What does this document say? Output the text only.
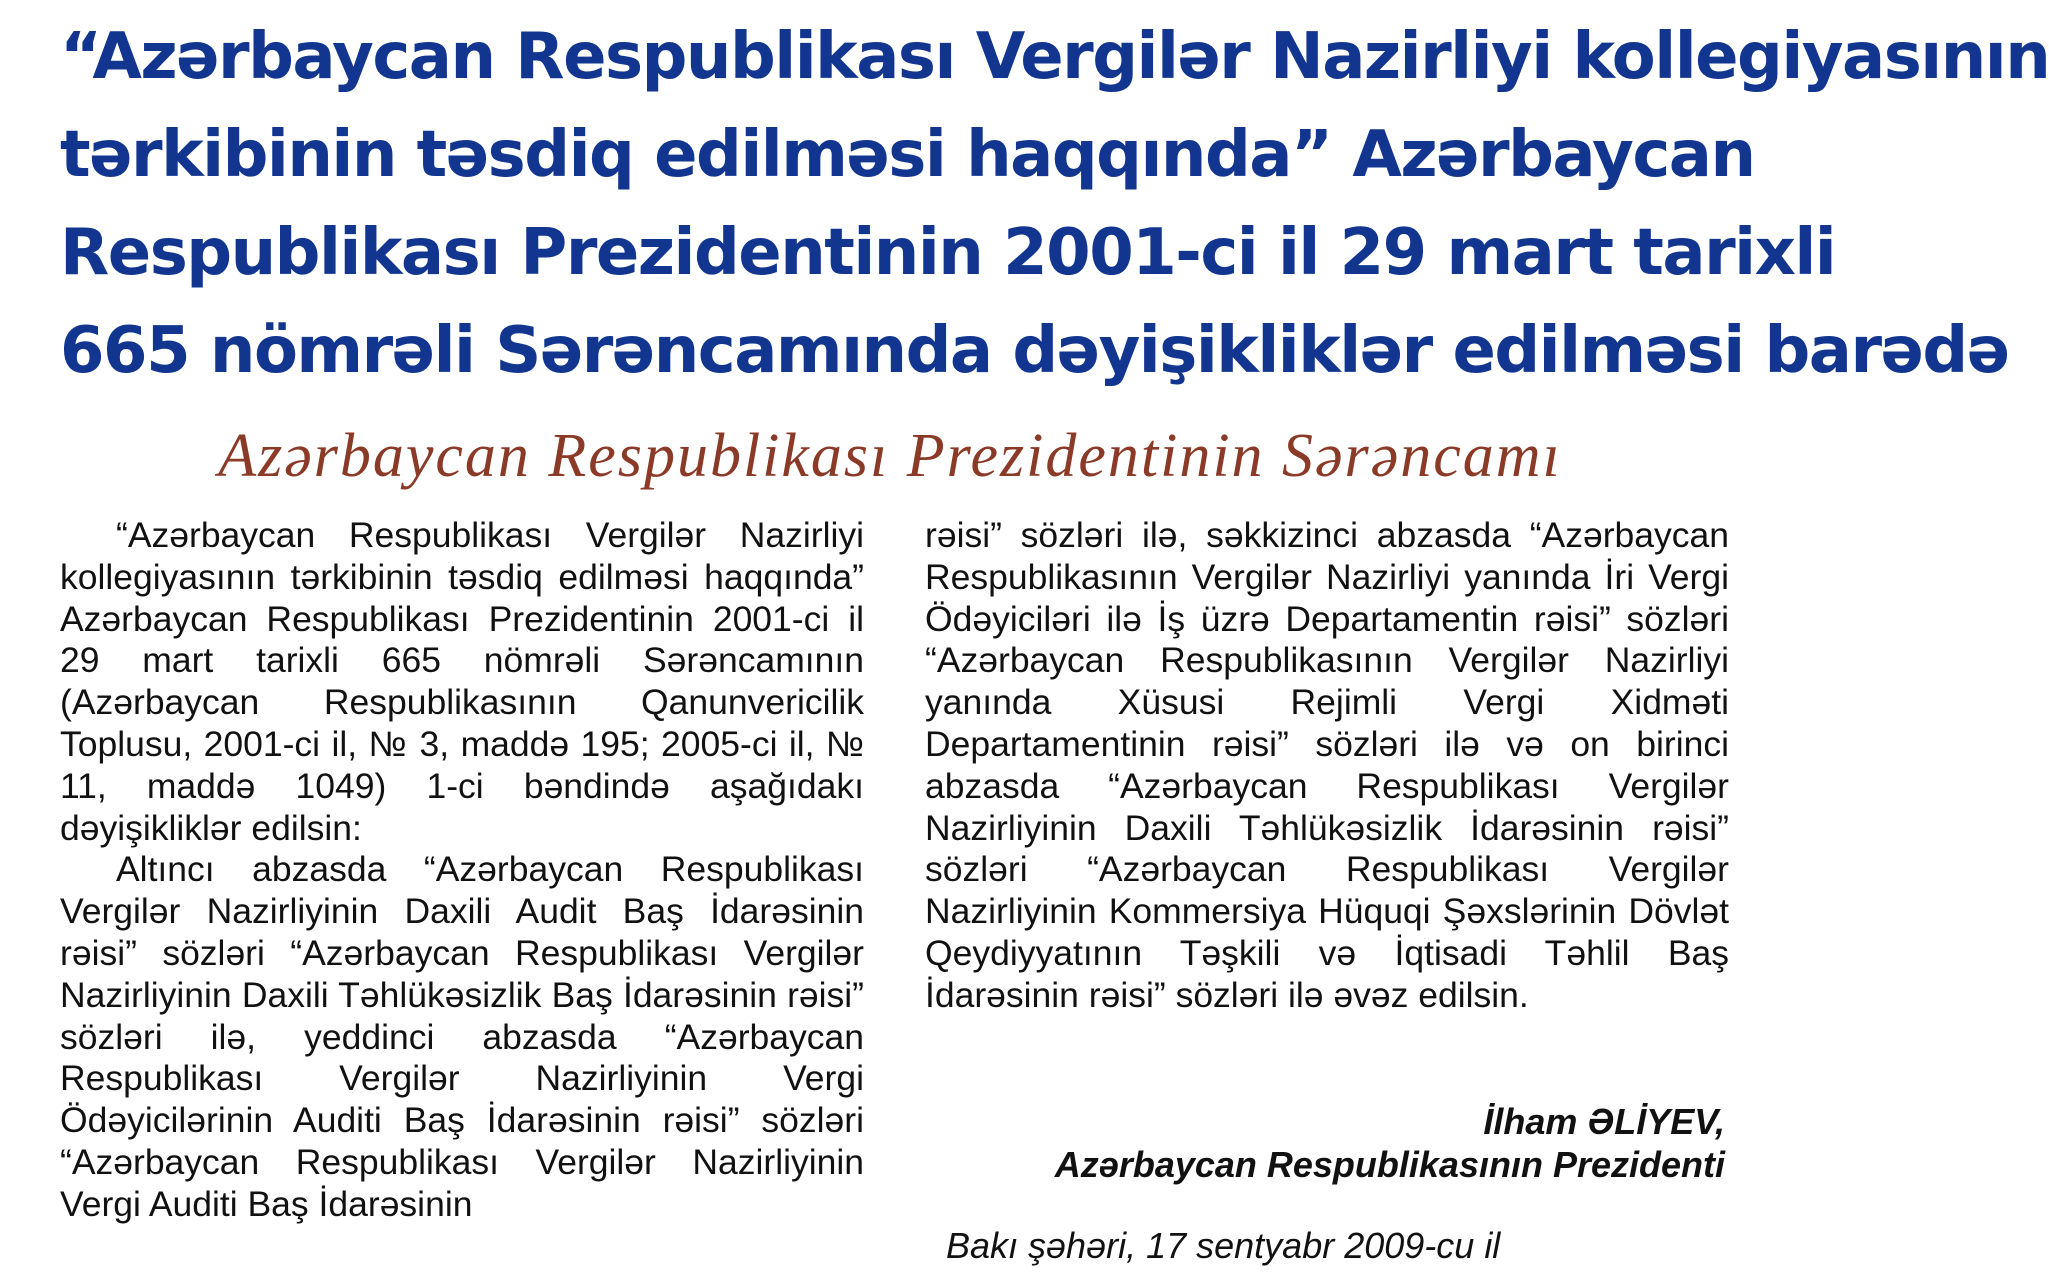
“Azərbaycan Respublikası Vergilər Nazirliyi kollegiyasının
tərkibinin təsdiq edilməsi haqqında” Azərbaycan
Respublikası Prezidentinin 2001-ci il 29 mart tarixli
665 nömrəli Sərəncamında dəyişikliklər edilməsi barədə
Azərbaycan Respublikası Prezidentinin Sərəncamı

“Azərbaycan Respublikası Vergilər Nazirliyi kollegiyasının tərkibinin təsdiq edilməsi haqqında” Azərbaycan Respublikası Prezidentinin 2001-ci il 29 mart tarixli 665 nömrəli Sərəncamının (Azərbaycan Respublikasının Qanunvericilik Toplusu, 2001-ci il, № 3, maddə 195; 2005-ci il, № 11, maddə 1049) 1-ci bəndində aşağıdakı dəyişikliklər edilsin:

Altıncı abzasda “Azərbaycan Respublikası Vergilər Nazirliyinin Daxili Audit Baş İdarəsinin rəisi” sözləri “Azərbaycan Respublikası Vergilər Nazirliyinin Daxili Təhlükəsizlik Baş İdarəsinin rəisi” sözləri ilə, yeddinci abzasda “Azərbaycan Respublikası Vergilər Nazirliyinin Vergi Ödəyicilərinin Auditi Baş İdarəsinin rəisi” sözləri “Azərbaycan Respublikası Vergilər Nazirliyinin Vergi Auditi Baş İdarəsinin

rəisi” sözləri ilə, səkkizinci abzasda “Azərbaycan Respublikasının Vergilər Nazirliyi yanında İri Vergi Ödəyiciləri ilə İş üzrə Departamentin rəisi” sözləri “Azərbaycan Respublikasının Vergilər Nazirliyi yanında Xüsusi Rejimli Vergi Xidməti Departamentinin rəisi” sözləri ilə və on birinci abzasda “Azərbaycan Respublikası Vergilər Nazirliyinin Daxili Təhlükəsizlik İdarəsinin rəisi” sözləri “Azərbaycan Respublikası Vergilər Nazirliyinin Kommersiya Hüquqi Şəxslərinin Dövlət Qeydiyyatının Təşkili və İqtisadi Təhlil Baş İdarəsinin rəisi” sözləri ilə əvəz edilsin.

İlham ƏLİYEV,
Azərbaycan Respublikasının Prezidenti
Bakı şəhəri, 17 sentyabr 2009-cu il
